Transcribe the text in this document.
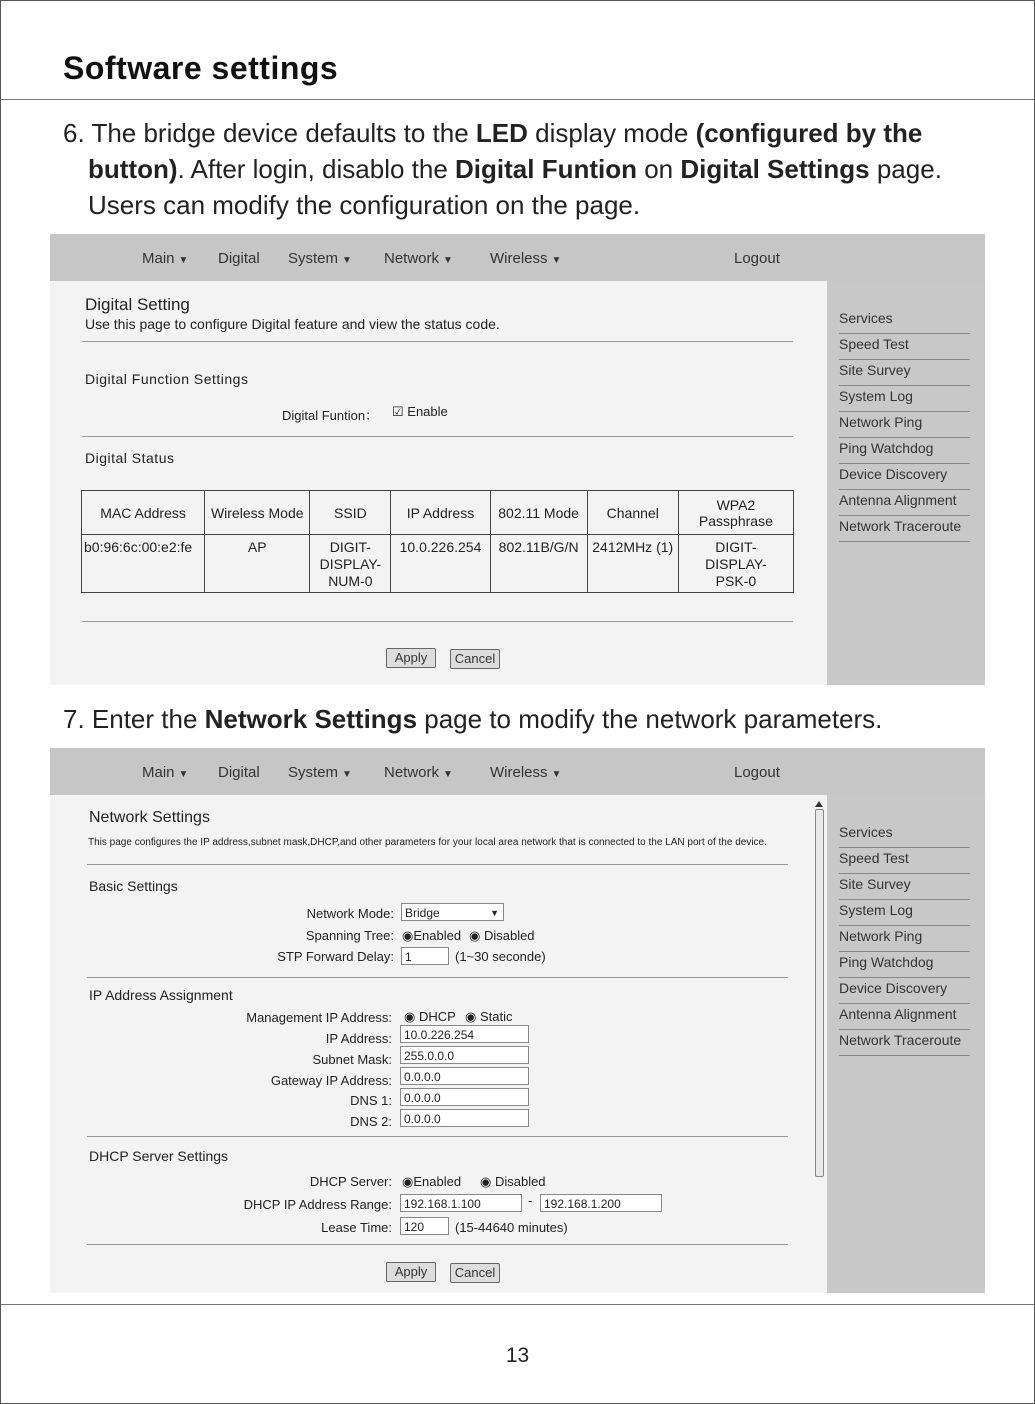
Software settings
6. The bridge device defaults to the LED display mode (configured by the
button). After login, disablo the Digital Funtion on Digital Settings page.
Users can modify the configuration on the page.
Main ▼ Digital System ▼ Network ▼ Wireless ▼	Logout
Digital Setting
Use this page to configure Digital feature and view the status code.
Digital Function Settings
Digital Funtion： ☑ Enable
Digital Status
MAC Address	Wireless Mode	SSID	IP Address	802.11 Mode	Channel	WPA2 Passphrase
b0:96:6c:00:e2:fe	AP	DIGIT-
DISPLAY-
NUM-0	10.0.226.254	802.11B/G/N	2412MHz (1)	DIGIT-
DISPLAY-
PSK-0
Apply	Cancel
Services
Speed Test
Site Survey
System Log
Network Ping
Ping Watchdog
Device Discovery
Antenna Alignment
Network Traceroute
7. Enter the Network Settings page to modify the network parameters.
Main ▼ Digital System ▼ Network ▼ Wireless ▼	Logout
Network Settings
This page configures the IP address,subnet mask,DHCP,and other parameters for your local area network that is connected to the LAN port of the device.
Basic Settings
Network Mode: Bridge	▼
Spanning Tree: ◉Enabled ◉ Disabled
STP Forward Delay: 1	(1~30 seconde)
IP Address Assignment
Management IP Address: ◉ DHCP ◉ Static
IP Address:	10.0.226.254
Subnet Mask:	255.0.0.0
Gateway IP Address:	0.0.0.0
DNS 1:	0.0.0.0
DNS 2:	0.0.0.0
DHCP Server Settings
DHCP Server: ◉Enabled ◉ Disabled
DHCP IP Address Range:	192.168.1.100	- 192.168.1.200
Lease Time:	120	(15-44640 minutes)
Apply	Cancel
Services
Speed Test
Site Survey
System Log
Network Ping
Ping Watchdog
Device Discovery
Antenna Alignment
Network Traceroute
13
